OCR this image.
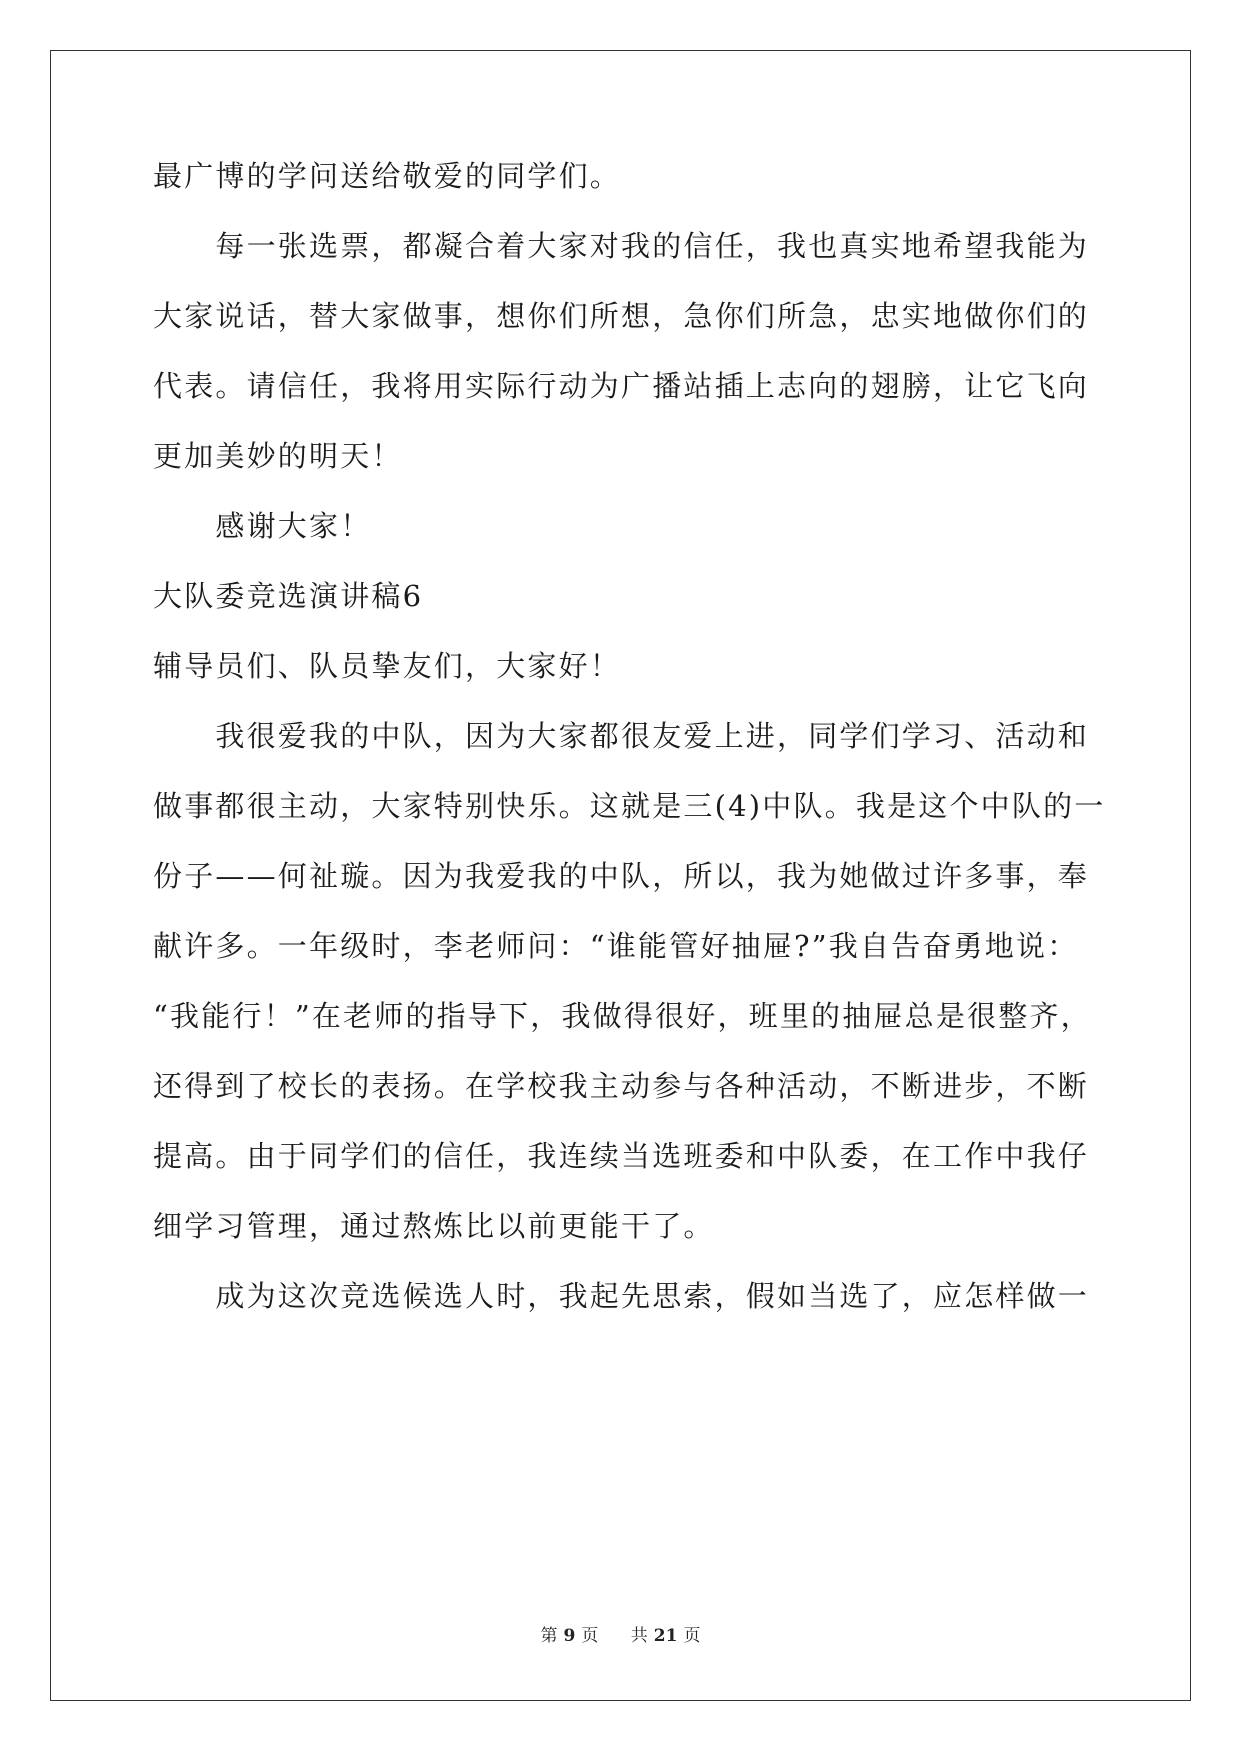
最广博的学问送给敬爱的同学们。
　　每一张选票，都凝合着大家对我的信任，我也真实地希望我能为
大家说话，替大家做事，想你们所想，急你们所急，忠实地做你们的
代表。请信任，我将用实际行动为广播站插上志向的翅膀，让它飞向
更加美妙的明天！
　　感谢大家！
大队委竞选演讲稿6
辅导员们、队员挚友们，大家好！
　　我很爱我的中队，因为大家都很友爱上进，同学们学习、活动和
做事都很主动，大家特别快乐。这就是三(4)中队。我是这个中队的一
份子——何祉璇。因为我爱我的中队，所以，我为她做过许多事，奉
献许多。一年级时，李老师问：“谁能管好抽屉?”我自告奋勇地说：
“我能行！”在老师的指导下，我做得很好，班里的抽屉总是很整齐，
还得到了校长的表扬。在学校我主动参与各种活动，不断进步，不断
提高。由于同学们的信任，我连续当选班委和中队委，在工作中我仔
细学习管理，通过熬炼比以前更能干了。
　　成为这次竞选候选人时，我起先思索，假如当选了，应怎样做一
第 9 页 共 21 页
